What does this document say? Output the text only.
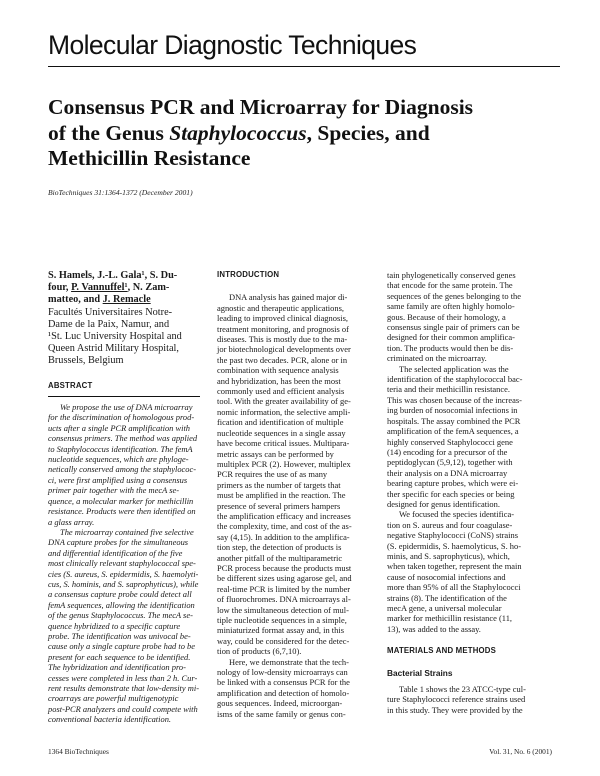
Molecular Diagnostic Techniques
Consensus PCR and Microarray for Diagnosis
of the Genus Staphylococcus, Species, and
Methicillin Resistance
BioTechniques 31:1364-1372 (December 2001)
S. Hamels, J.-L. Gala¹, S. Du-
four, P. Vannuffel¹, N. Zam-
matteo, and J. Remacle
Facultés Universitaires Notre-
Dame de la Paix, Namur, and
¹St. Luc University Hospital and
Queen Astrid Military Hospital,
Brussels, Belgium
ABSTRACT
We propose the use of DNA microarray
for the discrimination of homologous prod-
ucts after a single PCR amplification with
consensus primers. The method was applied
to Staphylococcus identification. The femA
nucleotide sequences, which are phyloge-
netically conserved among the staphylococ-
ci, were first amplified using a consensus
primer pair together with the mecA se-
quence, a molecular marker for methicillin
resistance. Products were then identified on
a glass array.
The microarray contained five selective
DNA capture probes for the simultaneous
and differential identification of the five
most clinically relevant staphylococcal spe-
cies (S. aureus, S. epidermidis, S. haemolyti-
cus, S. hominis, and S. saprophyticus), while
a consensus capture probe could detect all
femA sequences, allowing the identification
of the genus Staphylococcus. The mecA se-
quence hybridized to a specific capture
probe. The identification was univocal be-
cause only a single capture probe had to be
present for each sequence to be identified.
The hybridization and identification pro-
cesses were completed in less than 2 h. Cur-
rent results demonstrate that low-density mi-
croarrays are powerful multigenotypic
post-PCR analyzers and could compete with
conventional bacteria identification.
INTRODUCTION
DNA analysis has gained major di-
agnostic and therapeutic applications,
leading to improved clinical diagnosis,
treatment monitoring, and prognosis of
diseases. This is mostly due to the ma-
jor biotechnological developments over
the past two decades. PCR, alone or in
combination with sequence analysis
and hybridization, has been the most
commonly used and efficient analysis
tool. With the greater availability of ge-
nomic information, the selective ampli-
fication and identification of multiple
nucleotide sequences in a single assay
have become critical issues. Multipara-
metric assays can be performed by
multiplex PCR (2). However, multiplex
PCR requires the use of as many
primers as the number of targets that
must be amplified in the reaction. The
presence of several primers hampers
the amplification efficacy and increases
the complexity, time, and cost of the as-
say (4,15). In addition to the amplifica-
tion step, the detection of products is
another pitfall of the multiparametric
PCR process because the products must
be different sizes using agarose gel, and
real-time PCR is limited by the number
of fluorochromes. DNA microarrays al-
low the simultaneous detection of mul-
tiple nucleotide sequences in a simple,
miniaturized format assay and, in this
way, could be considered for the detec-
tion of products (6,7,10).
Here, we demonstrate that the tech-
nology of low-density microarrays can
be linked with a consensus PCR for the
amplification and detection of homolo-
gous sequences. Indeed, microorgan-
isms of the same family or genus con-
tain phylogenetically conserved genes
that encode for the same protein. The
sequences of the genes belonging to the
same family are often highly homolo-
gous. Because of their homology, a
consensus single pair of primers can be
designed for their common amplifica-
tion. The products would then be dis-
criminated on the microarray.
The selected application was the
identification of the staphylococcal bac-
teria and their methicillin resistance.
This was chosen because of the increas-
ing burden of nosocomial infections in
hospitals. The assay combined the PCR
amplification of the femA sequences, a
highly conserved Staphylococci gene
(14) encoding for a precursor of the
peptidoglycan (5,9,12), together with
their analysis on a DNA microarray
bearing capture probes, which were ei-
ther specific for each species or being
designed for genus identification.
We focused the species identifica-
tion on S. aureus and four coagulase-
negative Staphylococci (CoNS) strains
(S. epidermidis, S. haemolyticus, S. ho-
minis, and S. saprophyticus), which,
when taken together, represent the main
cause of nosocomial infections and
more than 95% of all the Staphylococci
strains (8). The identification of the
mecA gene, a universal molecular
marker for methicillin resistance (11,
13), was added to the assay.
MATERIALS AND METHODS
Bacterial Strains
Table 1 shows the 23 ATCC-type cul-
ture Staphylococci reference strains used
in this study. They were provided by the
1364 BioTechniques	Vol. 31, No. 6 (2001)
